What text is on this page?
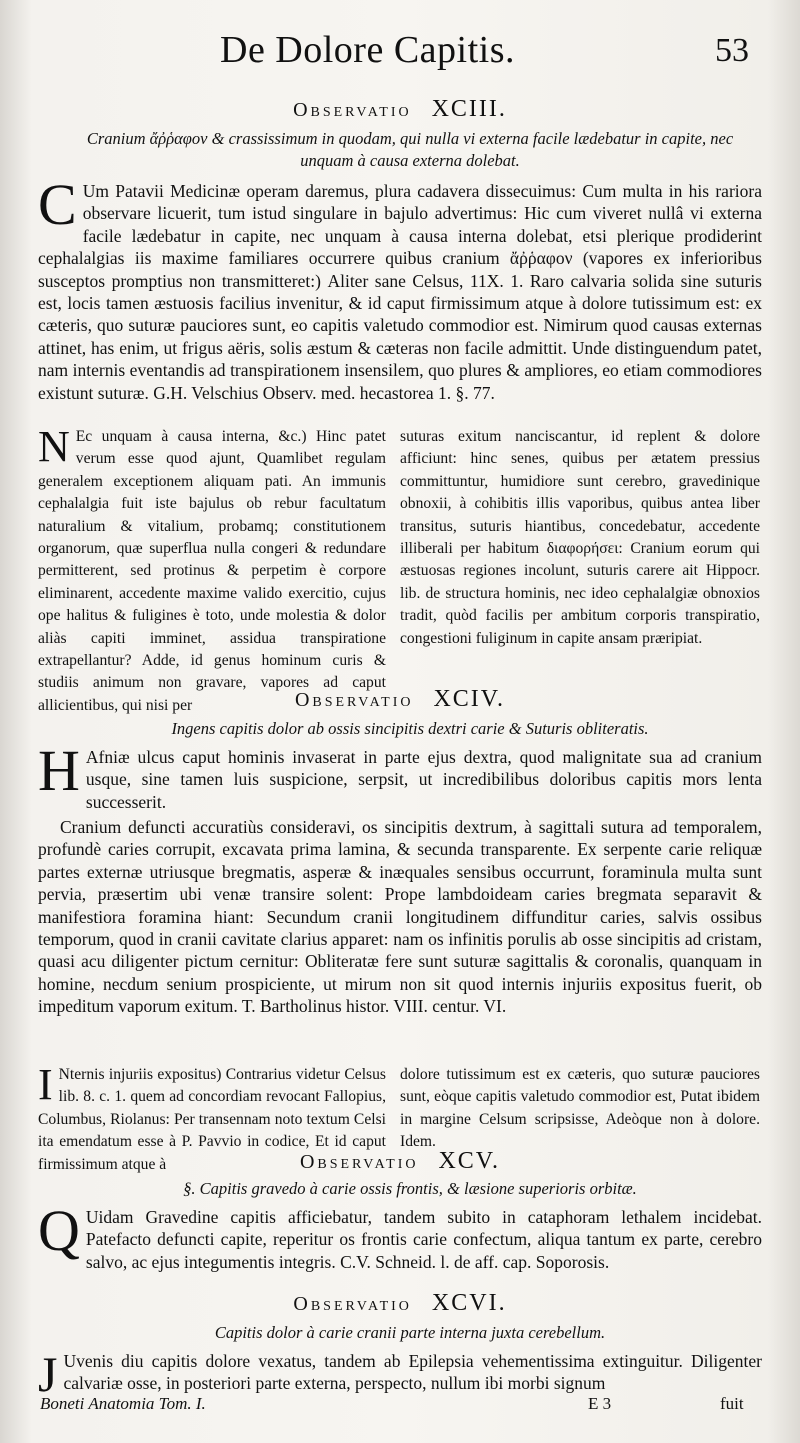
De Dolore Capitis.	53
Observatio XCIII.
Cranium ἄῤῥαφον & crassissimum in quodam, qui nulla vi externa facile lædebatur in capite, nec unquam à causa externa dolebat.
C Um Patavii Medicinæ operam daremus, plura cadavera dissecuimus: Cum multa in his rariora observare licuerit, tum istud singulare in bajulo advertimus: Hic cum viveret nullâ vi externa facile lædebatur in capite, nec unquam à causa interna dolebat, etsi plerique prodiderint cephalalgias iis maxime familiares occurrere quibus cranium ἄῤῥαφον (vapores ex inferioribus susceptos promptius non transmitteret:) Aliter sane Celsus, 11X. 1. Raro calvaria solida sine suturis est, locis tamen æstuosis facilius invenitur, & id caput firmissimum atque à dolore tutissimum est: ex cæteris, quo suturæ pauciores sunt, eo capitis valetudo commodior est. Nimirum quod causas externas attinet, has enim, ut frigus aëris, solis æstum & cæteras non facile admittit. Unde distinguendum patet, nam internis eventandis ad transpirationem insensilem, quo plures & ampliores, eo etiam commodiores existunt suturæ. G.H. Velschius Observ. med. hecastorea 1. §. 77.
N Ec unquam à causa interna, &c.) Hinc patet verum esse quod ajunt, Quamlibet regulam generalem exceptionem aliquam pati. An immunis cephalalgia fuit iste bajulus ob rebur facultatum naturalium & vitalium, probamq; constitutionem organorum, quæ superflua nulla congeri & redundare permitterent, sed protinus & perpetim è corpore eliminarent, accedente maxime valido exercitio, cujus ope halitus & fuligines è toto, unde molestia & dolor aliàs capiti imminet, assidua transpiratione extrapellantur? Adde, id genus hominum curis & studiis animum non gravare, vapores ad caput allicientibus, qui nisi per
suturas exitum nanciscantur, id replent & dolore afficiunt: hinc senes, quibus per ætatem pressius committuntur, humidiore sunt cerebro, gravedinique obnoxii, à cohibitis illis vaporibus, quibus antea liber transitus, suturis hiantibus, concedebatur, accedente illiberali per habitum διαφορήσει: Cranium eorum qui æstuosas regiones incolunt, suturis carere ait Hippocr. lib. de structura hominis, nec ideo cephalalgiæ obnoxios tradit, quòd facilis per ambitum corporis transpiratio, congestioni fuliginum in capite ansam præripiat.
Observatio XCIV.
Ingens capitis dolor ab ossis sincipitis dextri carie & Suturis obliteratis.
H Afniæ ulcus caput hominis invaserat in parte ejus dextra, quod malignitate sua ad cranium usque, sine tamen luis suspicione, serpsit, ut incredibilibus doloribus capitis mors lenta successerit.
Cranium defuncti accuratiùs consideravi, os sincipitis dextrum, à sagittali sutura ad temporalem, profundè caries corrupit, excavata prima lamina, & secunda transparente. Ex serpente carie reliquæ partes externæ utriusque bregmatis, asperæ & inæquales sensibus occurrunt, foraminula multa sunt pervia, præsertim ubi venæ transire solent: Prope lambdoideam caries bregmata separavit & manifestiora foramina hiant: Secundum cranii longitudinem diffunditur caries, salvis ossibus temporum, quod in cranii cavitate clarius apparet: nam os infinitis porulis ab osse sincipitis ad cristam, quasi acu diligenter pictum cernitur: Obliteratæ fere sunt suturæ sagittalis & coronalis, quanquam in homine, necdum senium prospiciente, ut mirum non sit quod internis injuriis expositus fuerit, ob impeditum vaporum exitum. T. Bartholinus histor. VIII. centur. VI.
I Nternis injuriis expositus) Contrarius videtur Celsus lib. 8. c. 1. quem ad concordiam revocant Fallopius, Columbus, Riolanus: Per transennam noto textum Celsi ita emendatum esse à P. Pavvio in codice, Et id caput firmissimum atque à
dolore tutissimum est ex cæteris, quo suturæ pauciores sunt, eòque capitis valetudo commodior est, Putat ibidem in margine Celsum scripsisse, Adeòque non à dolore. Idem.
Observatio XCV.
§. Capitis gravedo à carie ossis frontis, & læsione superioris orbitæ.
Q Uidam Gravedine capitis afficiebatur, tandem subito in cataphoram lethalem incidebat. Patefacto defuncti capite, reperitur os frontis carie confectum, aliqua tantum ex parte, cerebro salvo, ac ejus integumentis integris. C.V. Schneid. l. de aff. cap. Soporosis.
Observatio XCVI.
Capitis dolor à carie cranii parte interna juxta cerebellum.
J Uvenis diu capitis dolore vexatus, tandem ab Epilepsia vehementissima extinguitur. Diligenter calvariæ osse, in posteriori parte externa, perspecto, nullum ibi morbi signum
Boneti Anatomia Tom. I.	E 3	fuit
